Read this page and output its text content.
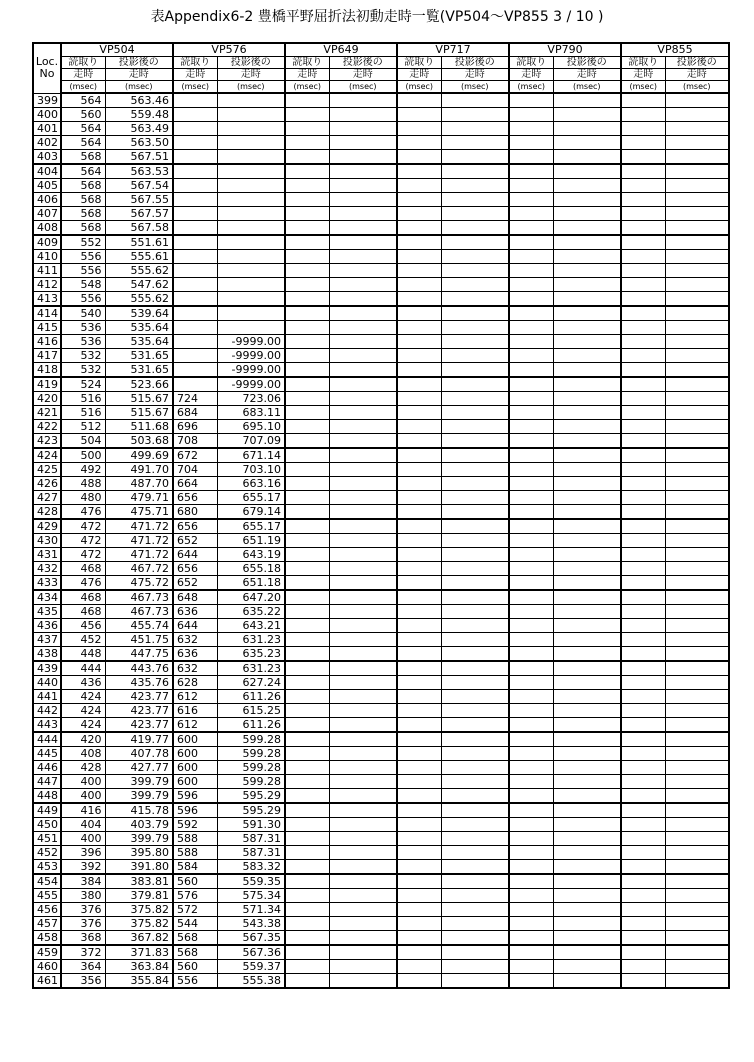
表Appendix6-2 豊橋平野屈折法初動走時一覧(VP504～VP855 3 / 10 )
Loc.
No	VP504		VP576		VP649		VP717		VP790		VP855	
	読取り	投影後の	読取り	投影後の	読取り	投影後の	読取り	投影後の	読取り	投影後の	読取り	投影後の
	走時	走時	走時	走時	走時	走時	走時	走時	走時	走時	走時	走時
	(msec)	(msec)	(msec)	(msec)	(msec)	(msec)	(msec)	(msec)	(msec)	(msec)	(msec)	(msec)
399	564	563.46										
400	560	559.48										
401	564	563.49										
402	564	563.50										
403	568	567.51										
404	564	563.53										
405	568	567.54										
406	568	567.55										
407	568	567.57										
408	568	567.58										
409	552	551.61										
410	556	555.61										
411	556	555.62										
412	548	547.62										
413	556	555.62										
414	540	539.64										
415	536	535.64										
416	536	535.64		-9999.00								
417	532	531.65		-9999.00								
418	532	531.65		-9999.00								
419	524	523.66		-9999.00								
420	516	515.67	724	723.06								
421	516	515.67	684	683.11								
422	512	511.68	696	695.10								
423	504	503.68	708	707.09								
424	500	499.69	672	671.14								
425	492	491.70	704	703.10								
426	488	487.70	664	663.16								
427	480	479.71	656	655.17								
428	476	475.71	680	679.14								
429	472	471.72	656	655.17								
430	472	471.72	652	651.19								
431	472	471.72	644	643.19								
432	468	467.72	656	655.18								
433	476	475.72	652	651.18								
434	468	467.73	648	647.20								
435	468	467.73	636	635.22								
436	456	455.74	644	643.21								
437	452	451.75	632	631.23								
438	448	447.75	636	635.23								
439	444	443.76	632	631.23								
440	436	435.76	628	627.24								
441	424	423.77	612	611.26								
442	424	423.77	616	615.25								
443	424	423.77	612	611.26								
444	420	419.77	600	599.28								
445	408	407.78	600	599.28								
446	428	427.77	600	599.28								
447	400	399.79	600	599.28								
448	400	399.79	596	595.29								
449	416	415.78	596	595.29								
450	404	403.79	592	591.30								
451	400	399.79	588	587.31								
452	396	395.80	588	587.31								
453	392	391.80	584	583.32								
454	384	383.81	560	559.35								
455	380	379.81	576	575.34								
456	376	375.82	572	571.34								
457	376	375.82	544	543.38								
458	368	367.82	568	567.35								
459	372	371.83	568	567.36								
460	364	363.84	560	559.37								
461	356	355.84	556	555.38								
